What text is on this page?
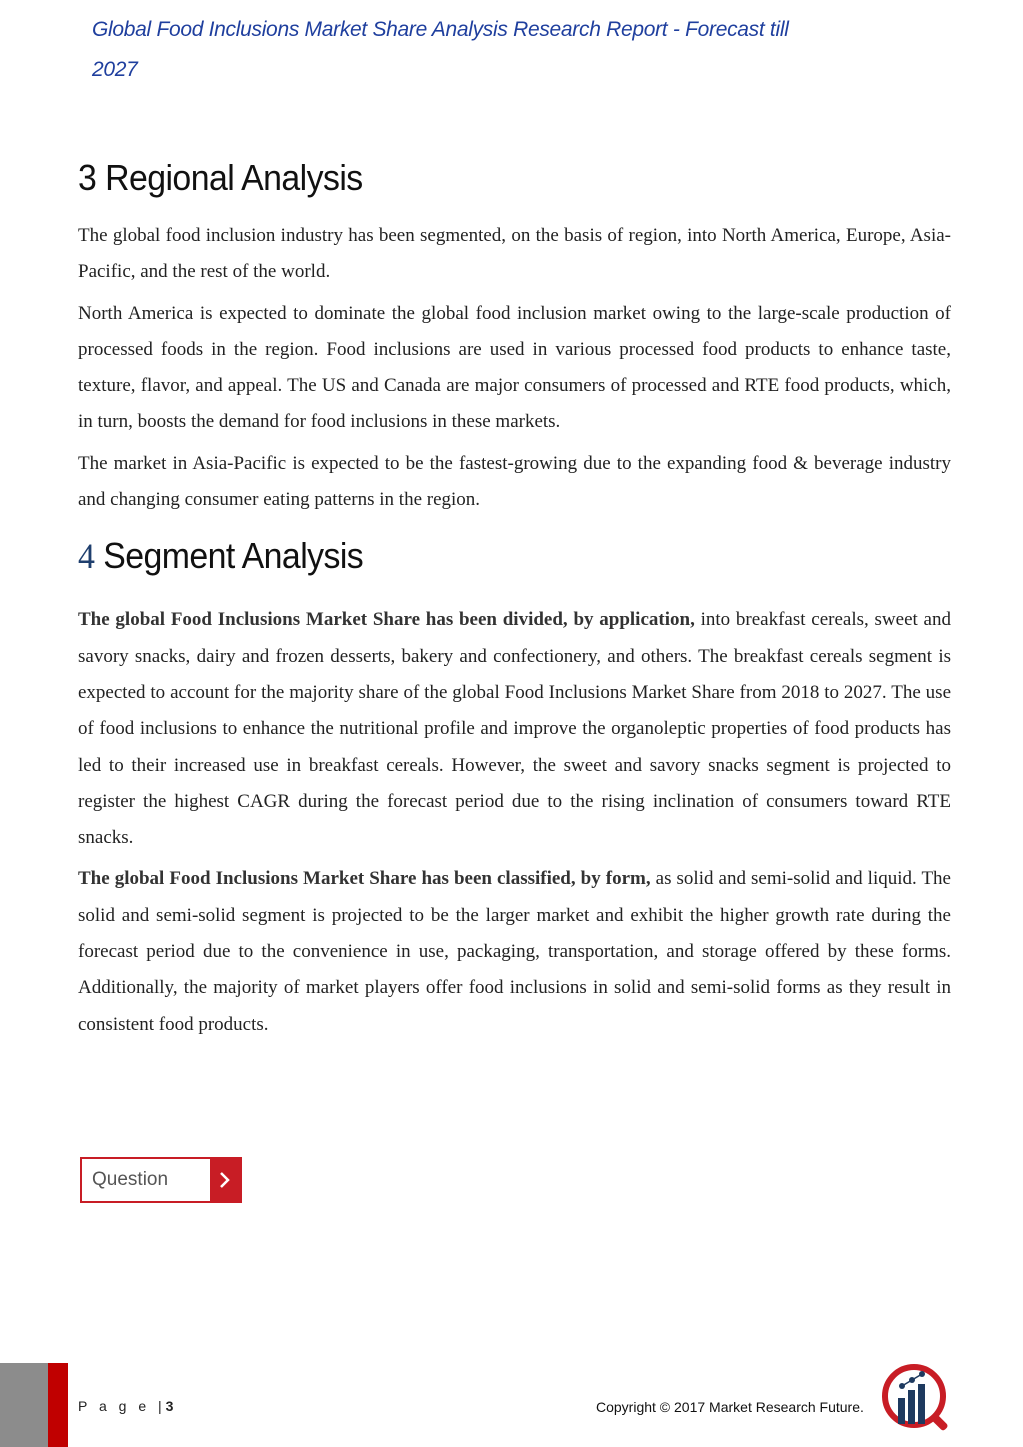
Global Food Inclusions Market Share Analysis Research Report - Forecast till
2027
3 Regional Analysis

The global food inclusion industry has been segmented, on the basis of region, into North America, Europe, Asia-Pacific, and the rest of the world.

North America is expected to dominate the global food inclusion market owing to the large-scale production of processed foods in the region. Food inclusions are used in various processed food products to enhance taste, texture, flavor, and appeal. The US and Canada are major consumers of processed and RTE food products, which, in turn, boosts the demand for food inclusions in these markets.

The market in Asia-Pacific is expected to be the fastest-growing due to the expanding food & beverage industry and changing consumer eating patterns in the region.

4 Segment Analysis

The global Food Inclusions Market Share has been divided, by application, into breakfast cereals, sweet and savory snacks, dairy and frozen desserts, bakery and confectionery, and others. The breakfast cereals segment is expected to account for the majority share of the global Food Inclusions Market Share from 2018 to 2027. The use of food inclusions to enhance the nutritional profile and improve the organoleptic properties of food products has led to their increased use in breakfast cereals. However, the sweet and savory snacks segment is projected to register the highest CAGR during the forecast period due to the rising inclination of consumers toward RTE snacks.

The global Food Inclusions Market Share has been classified, by form, as solid and semi-solid and liquid. The solid and semi-solid segment is projected to be the larger market and exhibit the higher growth rate during the forecast period due to the convenience in use, packaging, transportation, and storage offered by these forms. Additionally, the majority of market players offer food inclusions in solid and semi-solid forms as they result in consistent food products.

Question
P a g e |3	Copyright © 2017 Market Research Future.
